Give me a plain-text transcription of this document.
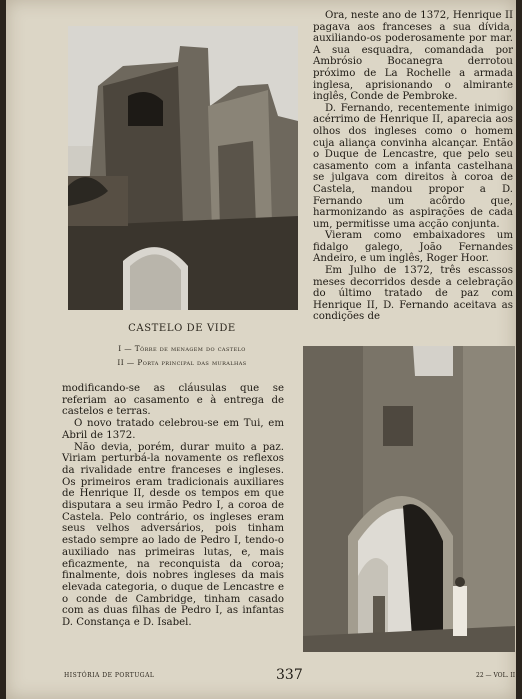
Ora, neste ano de 1372, Henrique II pagava aos franceses a sua dívida, auxiliando-os poderosamente por mar. A sua esquadra, comandada por Ambrósio Bocanegra derrotou próximo de La Rochelle a armada inglesa, aprisionando o almirante inglês, Conde de Pembroke.

D. Fernando, recentemente inimigo acérrimo de Henrique II, aparecia aos olhos dos ingleses como o homem cuja aliança convinha alcançar. Então o Duque de Lencastre, que pelo seu casamento com a infanta castelhana se julgava com direitos à coroa de Castela, mandou propor a D. Fernando um acôrdo que, harmonizando as aspirações de cada um, permitisse uma acção conjunta.

Vieram como embaixadores um fidalgo galego, João Fernandes Andeiro, e um inglês, Roger Hoor.

Em Julho de 1372, três escassos meses decorridos desde a celebração do último tratado de paz com Henrique II, D. Fernando aceitava as condições de

CASTELO DE VIDE
I — Tôrre de menagem do castelo
II — Porta principal das muralhas

modificando-se as cláusulas que se referiam ao casamento e à entrega de castelos e terras.

O novo tratado celebrou-se em Tui, em Abril de 1372.

Não devia, porém, durar muito a paz. Viriam perturbá-la novamente os reflexos da rivalidade entre franceses e ingleses. Os primeiros eram tradicionais auxiliares de Henrique II, desde os tempos em que disputara a seu irmão Pedro I, a coroa de Castela. Pelo contrário, os ingleses eram seus velhos adversários, pois tinham estado sempre ao lado de Pedro I, tendo-o auxiliado nas primeiras lutas, e, mais eficazmente, na reconquista da coroa; finalmente, dois nobres ingleses da mais elevada categoria, o duque de Lencastre e o conde de Cambridge, tinham casado com as duas filhas de Pedro I, as infantas D. Constança e D. Isabel.

HISTÓRIA DE PORTUGAL	337	22 — VOL. II
